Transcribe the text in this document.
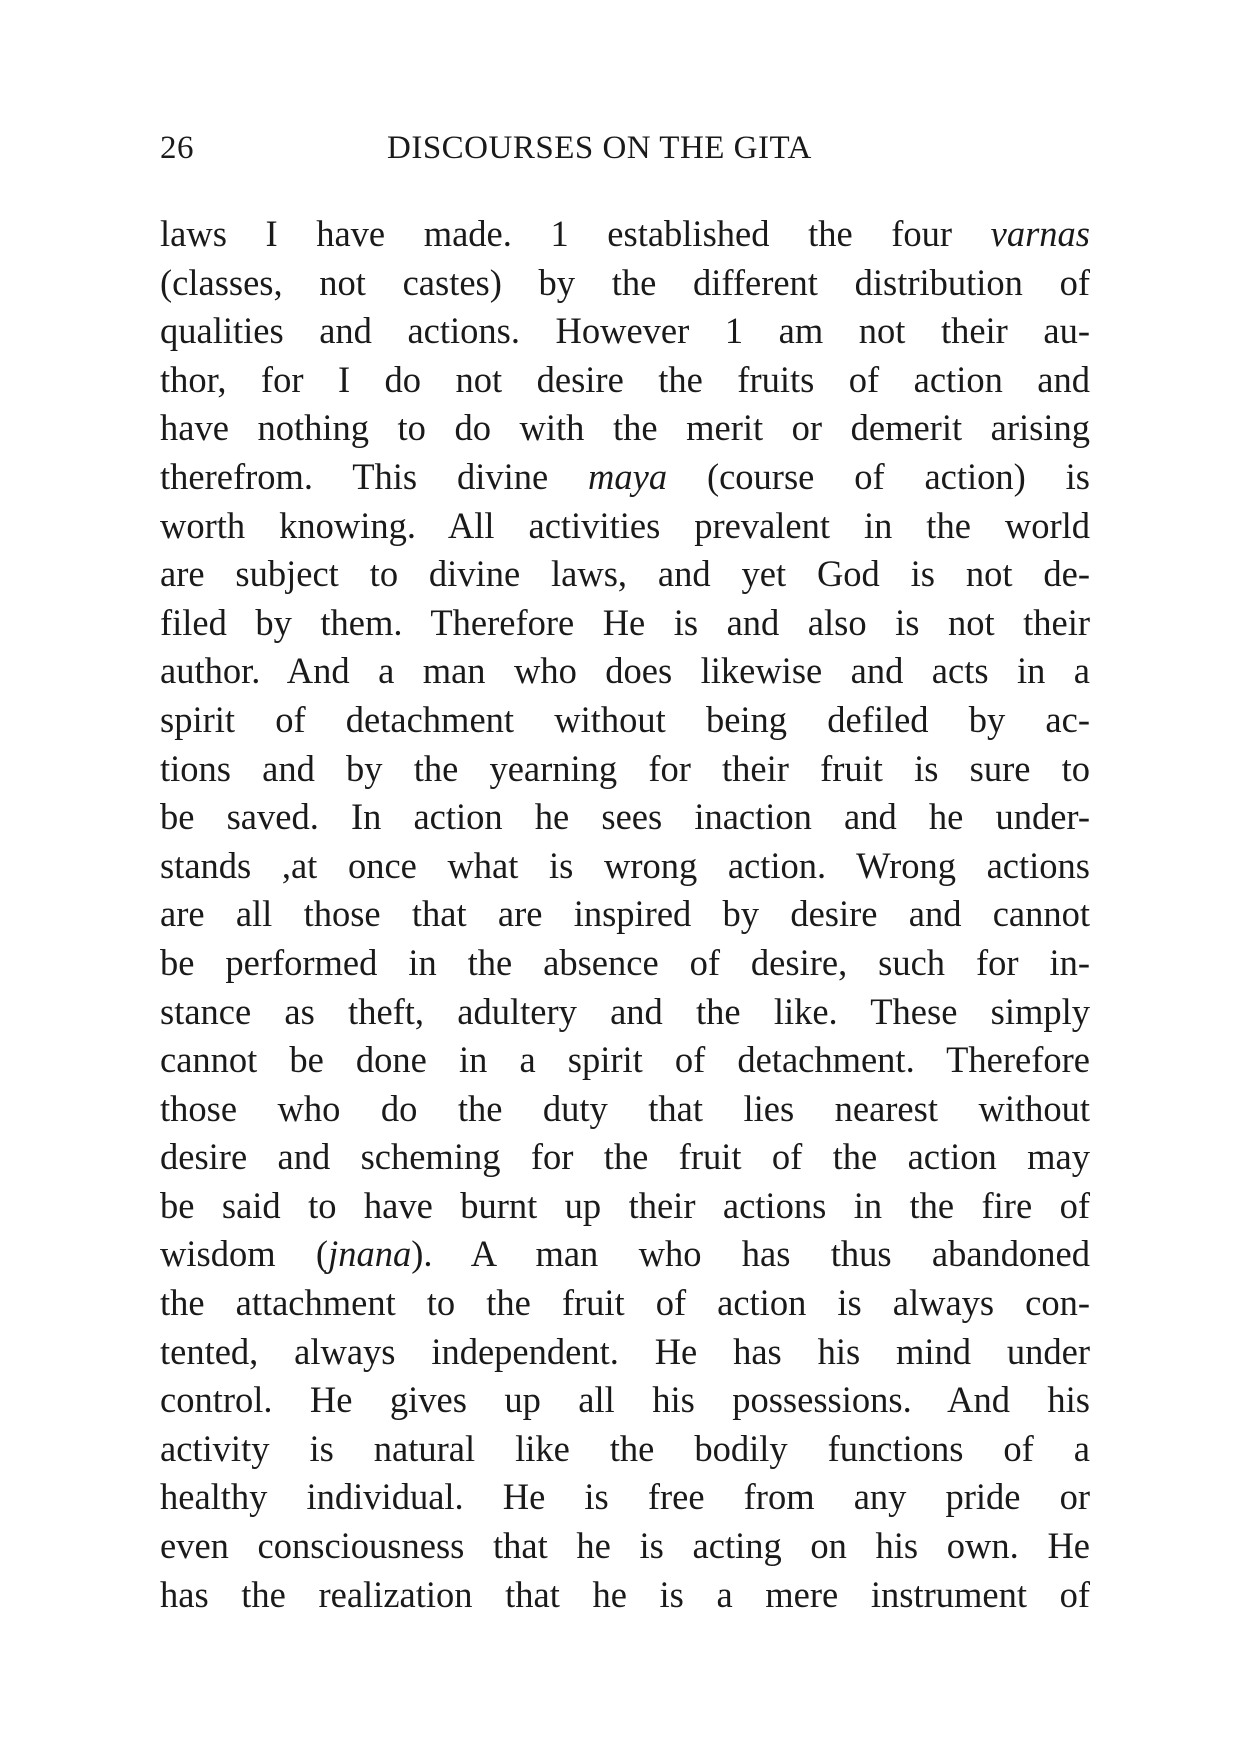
26	DISCOURSES ON THE GITA
laws I have made. 1 established the four varnas
(classes, not castes) by the different distribution of
qualities and actions. However 1 am not their au-
thor, for I do not desire the fruits of action and
have nothing to do with the merit or demerit arising
therefrom. This divine maya (course of action) is
worth knowing. All activities prevalent in the world
are subject to divine laws, and yet God is not de-
filed by them. Therefore He is and also is not their
author. And a man who does likewise and acts in a
spirit of detachment without being defiled by ac-
tions and by the yearning for their fruit is sure to
be saved. In action he sees inaction and he under-
stands ,at once what is wrong action. Wrong actions
are all those that are inspired by desire and cannot
be performed in the absence of desire, such for in-
stance as theft, adultery and the like. These simply
cannot be done in a spirit of detachment. Therefore
those who do the duty that lies nearest without
desire and scheming for the fruit of the action may
be said to have burnt up their actions in the fire of
wisdom (jnana). A man who has thus abandoned
the attachment to the fruit of action is always con-
tented, always independent. He has his mind under
control. He gives up all his possessions. And his
activity is natural like the bodily functions of a
healthy individual. He is free from any pride or
even consciousness that he is acting on his own. He
has the realization that he is a mere instrument of
